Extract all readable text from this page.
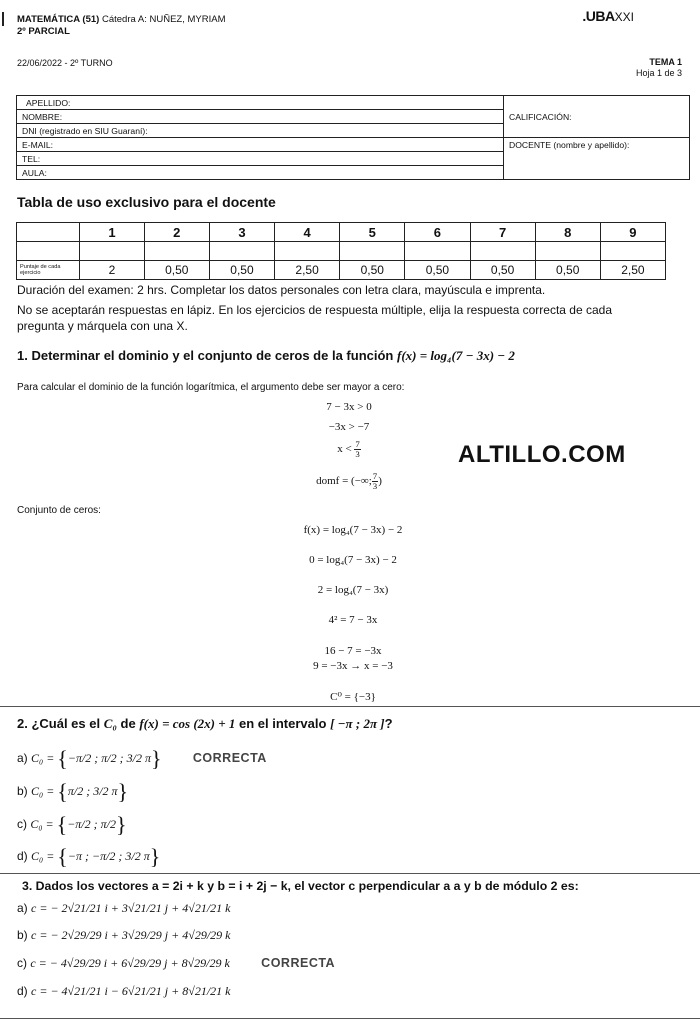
MATEMÁTICA (51) Cátedra A: NUÑEZ, MYRIAM
2º PARCIAL
.UBAXXI
22/06/2022 - 2º TURNO	TEMA 1
Hoja 1 de 3
APELLIDO:	CALIFICACIÓN:
NOMBRE:	
DNI (registrado en SIU Guaraní):	
E-MAIL:	DOCENTE (nombre y apellido):
TEL:	
AULA:	
Tabla de uso exclusivo para el docente
	1	2	3	4	5	6	7	8	9

Puntaje de cada ejercicio	2	0,50	0,50	2,50	0,50	0,50	0,50	0,50	2,50
Duración del examen: 2 hrs. Completar los datos personales con letra clara, mayúscula e imprenta.
No se aceptarán respuestas en lápiz. En los ejercicios de respuesta múltiple, elija la respuesta correcta de cada
pregunta y márquela con una X.
1. Determinar el dominio y el conjunto de ceros de la función f(x) = log₄(7 − 3x) − 2
Para calcular el dominio de la función logarítmica, el argumento debe ser mayor a cero:
7 − 3x > 0
−3x > −7
$x < \frac{7}{3}$
domf = (−∞; $\frac{7}{3}$ )
ALTILLO.COM
Conjunto de ceros:
f(x) = log₄(7 − 3x) − 2
0 = log₄(7 − 3x) − 2
2 = log₄(7 − 3x)
4² = 7 − 3x
16 − 7 = −3x
9 = −3x → x = −3
C⁰ = {−3}
2. ¿Cuál es el C₀ de f(x) = cos (2x) + 1 en el intervalo [ −π ; 2π ]?
a) C₀ = {−π/2 ; π/2 ; 3/2 π}	CORRECTA
b) C₀ = {π/2 ; 3/2 π}
c) C₀ = {−π/2 ; π/2}
d) C₀ = {−π ; −π/2 ; 3/2 π}
3. Dados los vectores a = 2i + k y b = i + 2j − k, el vector c perpendicular a a y b de módulo 2 es:
a) c = − 2√21/21 i + 3√21/21 j + 4√21/21 k
b) c = − 2√29/29 i + 3√29/29 j + 4√29/29 k
c) c = − 4√29/29 i + 6√29/29 j + 8√29/29 k	CORRECTA
d) c = − 4√21/21 i − 6√21/21 j + 8√21/21 k
